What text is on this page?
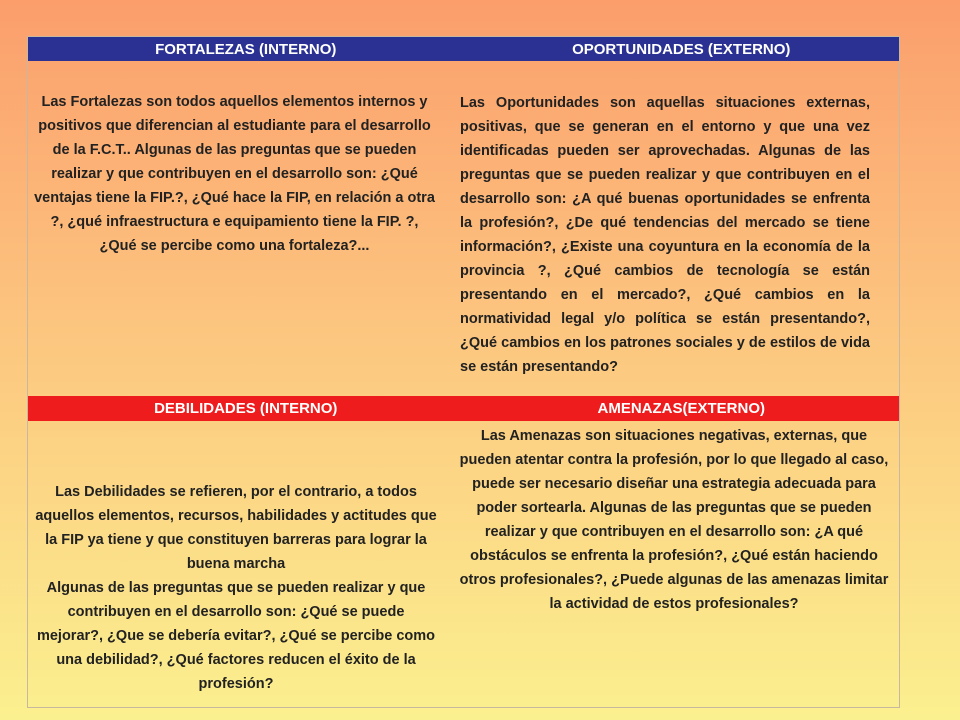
FORTALEZAS (INTERNO)	OPORTUNIDADES (EXTERNO)

Las Fortalezas son todos aquellos elementos internos y positivos que diferencian al estudiante para el desarrollo de la F.C.T.. Algunas de las preguntas que se pueden realizar y que contribuyen en el desarrollo son: ¿Qué ventajas tiene la FIP.?, ¿Qué hace la FIP, en relación a otra ?, ¿qué infraestructura e equipamiento tiene la FIP. ?, ¿Qué se percibe como una fortaleza?...

Las Oportunidades son aquellas situaciones externas, positivas, que se generan en el entorno y que una vez identificadas pueden ser aprovechadas. Algunas de las preguntas que se pueden realizar y que contribuyen en el desarrollo son: ¿A qué buenas oportunidades se enfrenta la profesión?, ¿De qué tendencias del mercado se tiene información?, ¿Existe una coyuntura en la economía de la provincia ?, ¿Qué cambios de tecnología se están presentando en el mercado?, ¿Qué cambios en la normatividad legal y/o política se están presentando?, ¿Qué cambios en los patrones sociales y de estilos de vida se están presentando?

DEBILIDADES (INTERNO)	AMENAZAS(EXTERNO)

Las Debilidades se refieren, por el contrario, a todos aquellos elementos, recursos, habilidades y actitudes que la FIP ya tiene y que constituyen barreras para lograr la buena marcha

Algunas de las preguntas que se pueden realizar y que contribuyen en el desarrollo son: ¿Qué se puede mejorar?, ¿Que se debería evitar?, ¿Qué se percibe como una debilidad?, ¿Qué factores reducen el éxito de la profesión?

Las Amenazas son situaciones negativas, externas, que pueden atentar contra la profesión, por lo que llegado al caso, puede ser necesario diseñar una estrategia adecuada para poder sortearla. Algunas de las preguntas que se pueden realizar y que contribuyen en el desarrollo son: ¿A qué obstáculos se enfrenta la profesión?, ¿Qué están haciendo otros profesionales?, ¿Puede algunas de las amenazas limitar la actividad de estos profesionales?
